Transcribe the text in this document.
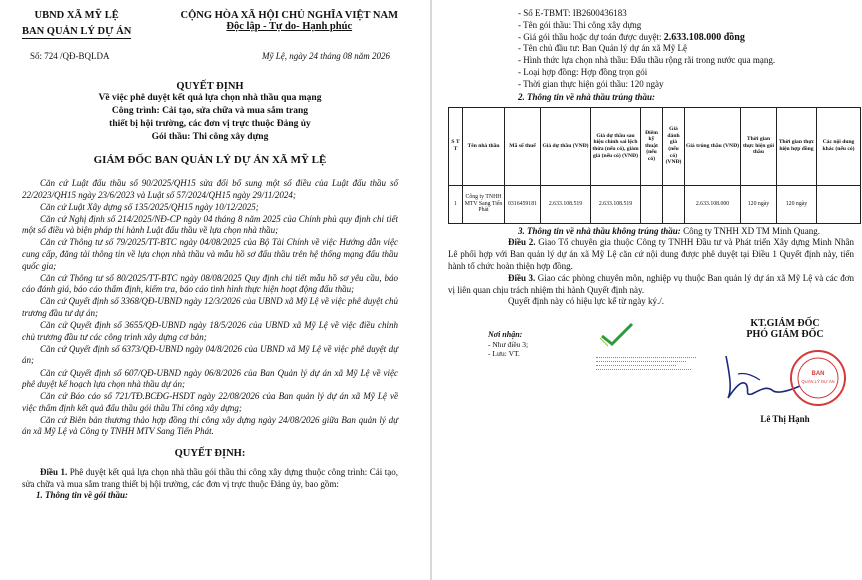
UBND XÃ MỸ LỆ
BAN QUẢN LÝ DỰ ÁN
CỘNG HÒA XÃ HỘI CHỦ NGHĨA VIỆT NAM
Độc lập - Tự do- Hạnh phúc
Số: 724 /QĐ-BQLDA	Mỹ Lệ, ngày 24 tháng 08 năm 2026
QUYẾT ĐỊNH
Về việc phê duyệt kết quả lựa chọn nhà thầu qua mạng
Công trình: Cải tạo, sửa chữa và mua sắm trang
thiết bị hội trường, các đơn vị trực thuộc Đảng ủy
Gói thầu: Thi công xây dựng
GIÁM ĐỐC BAN QUẢN LÝ DỰ ÁN XÃ MỸ LỆ
Căn cứ Luật đấu thầu số 90/2025/QH15 sửa đổi bổ sung một số điều của Luật đấu thầu số 22/2023/QH15 ngày 23/6/2023 và Luật số 57/2024/QH15 ngày 29/11/2024;
Căn cứ Luật Xây dựng số 135/2025/QH15 ngày 10/12/2025;
Căn cứ Nghị định số 214/2025/NĐ-CP ngày 04 tháng 8 năm 2025 của Chính phủ quy định chi tiết một số điều và biện pháp thi hành Luật đấu thầu về lựa chọn nhà thầu;
Căn cứ Thông tư số 79/2025/TT-BTC ngày 04/08/2025 của Bộ Tài Chính về việc Hướng dẫn việc cung cấp, đăng tải thông tin về lựa chọn nhà thầu và mẫu hồ sơ đấu thầu trên hệ thống mạng đấu thầu quốc gia;
Căn cứ Thông tư số 80/2025/TT-BTC ngày 08/08/2025 Quy định chi tiết mẫu hồ sơ yêu cầu, báo cáo đánh giá, báo cáo thẩm định, kiểm tra, báo cáo tình hình thực hiện hoạt động đấu thầu;
Căn cứ Quyết định số 3368/QĐ-UBND ngày 12/3/2026 của UBND xã Mỹ Lệ về việc phê duyệt chủ trương đầu tư dự án;
Căn cứ Quyết định số 3655/QĐ-UBND ngày 18/5/2026 của UBND xã Mỹ Lệ về việc điều chỉnh chủ trương đầu tư các công trình xây dựng cơ bản;
Căn cứ Quyết định số 6373/QĐ-UBND ngày 04/8/2026 của UBND xã Mỹ Lệ về việc phê duyệt dự án;
Căn cứ Quyết định số 607/QĐ-UBND ngày 06/8/2026 của Ban Quản lý dự án xã Mỹ Lệ về việc phê duyệt kế hoạch lựa chọn nhà thầu dự án;
Căn cứ Báo cáo số 721/TĐ.BCĐG-HSDT ngày 22/08/2026 của Ban quản lý dự án xã Mỹ Lệ về việc thẩm định kết quả đấu thầu gói thầu Thi công xây dựng;
Căn cứ Biên bản thương thảo hợp đồng thi công xây dựng ngày 24/08/2026 giữa Ban quản lý dự án xã Mỹ Lệ và Công ty TNHH MTV Sang Tiến Phát.
QUYẾT ĐỊNH:
Điều 1. Phê duyệt kết quả lựa chọn nhà thầu gói thầu thi công xây dựng thuộc công trình: Cải tạo, sửa chữa và mua sắm trang thiết bị hội trường, các đơn vị trực thuộc Đảng ủy, bao gồm:
1. Thông tin về gói thầu:
- Số E-TBMT: IB2600436183
- Tên gói thầu: Thi công xây dựng
- Giá gói thầu hoặc dự toán được duyệt: 2.633.108.000 đồng
- Tên chủ đầu tư: Ban Quản lý dự án xã Mỹ Lệ
- Hình thức lựa chọn nhà thầu: Đấu thầu rộng rãi trong nước qua mạng.
- Loại hợp đồng: Hợp đồng trọn gói
- Thời gian thực hiện gói thầu: 120 ngày
2. Thông tin về nhà thầu trúng thầu:
S T T	Tên nhà thầu	Mã số thuế	Giá dự thầu (VNĐ)	Giá dự thầu sau hiệu chỉnh sai lệch thừa (nếu có), giảm giá (nếu có) (VNĐ)	Điểm kỹ thuật (nếu có)	Giá đánh giá (nếu có) (VNĐ)	Giá trúng thầu (VNĐ)	Thời gian thực hiện gói thầu	Thời gian thực hiện hợp đồng	Các nội dung khác (nếu có)
1	Công ty TNHH MTV Sang Tiến Phát	0316459181	2.633.108.519	2.633.108.519			2.633.108.000	120 ngày	120 ngày	
3. Thông tin về nhà thầu không trúng thầu: Công ty TNHH XD TM Minh Quang.
Điều 2. Giao Tổ chuyên gia thuộc Công ty TNHH Đầu tư và Phát triển Xây dựng Minh Nhân Lê phối hợp với Ban quản lý dự án xã Mỹ Lệ căn cứ nội dung được phê duyệt tại Điều 1 Quyết định này, tiến hành tổ chức hoàn thiện hợp đồng.
Điều 3. Giao các phòng chuyên môn, nghiệp vụ thuộc Ban quản lý dự án xã Mỹ Lệ và các đơn vị liên quan chịu trách nhiệm thi hành Quyết định này.
Quyết định này có hiệu lực kể từ ngày ký./.
Nơi nhận:
- Như điều 3;
- Lưu: VT.
KT.GIÁM ĐỐC
PHÓ GIÁM ĐỐC
Lê Thị Hạnh
BAN
QUẢN LÝ DỰ ÁN
